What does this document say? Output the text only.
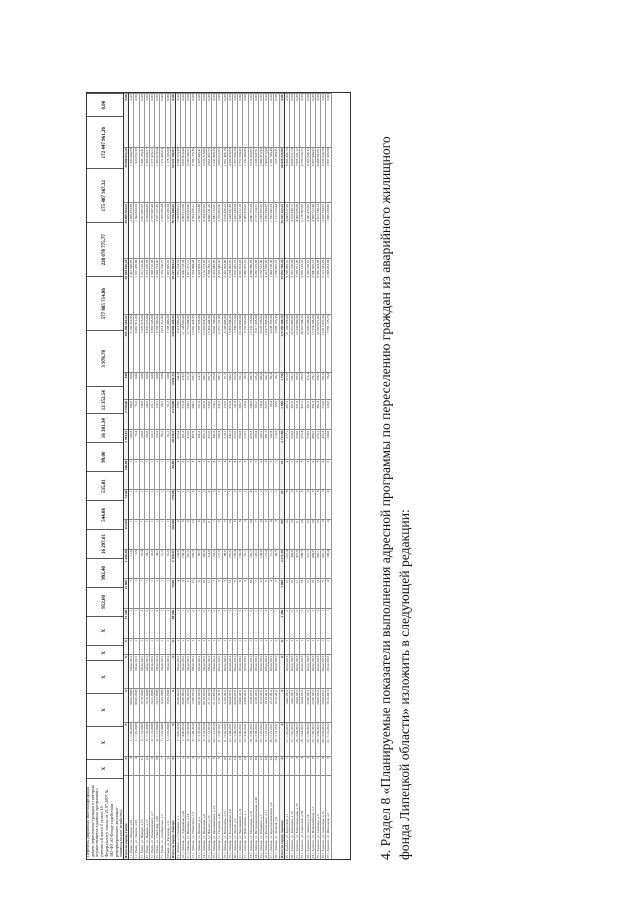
Перечень аварийных многоквартирных домов, переселение граждан из которых осуществляется в рамках программы с учетом п.8 части 2 статьи 16 Федерального закона от 21.07.2007 № 185-ФЗ «О Фонде содействия реформированию жилищно-коммунального хозяйства»
X
X
X
X
X
X
952,00
992,40
16 297,01
544,08
535,81
99,00
16 381,34
12 352,54
3 978,78
577 885 714,86
228 078 775,77
175 487 367,32
172 447 961,26
0,00
Итого по городу Грязи:
X
X
X
X
X
13 260
12 008
1 296,40
112,00
11,00
106,00
2 794,81
2 350,60
188
165 384 281,62
65 018 946,26
59 999 764,54
39 998 954,20
0,00
1 г. Грязи, ул. Ленина, д.63
4
2 / 1 06,2008
08.08.2008
III кв 2011
1
1
1
11,0
1
1
1
106,8
106,8
0,00
6 183 316,00
2 491 946,62
2 308 284,80
1 383 084,58
0,00
2 г. Грязи, ул. Ленина, д.65
4
2 / 1 06,2008
08.08.2008
III кв 2011
1
1
1
3,8
1
1
1
70,4
70,4
0,00
4 062 912,00
1 637 439,00
1 504 820,64
920 652,36
0,00
3 г. Грязи, ул. Правды, д.10
11
3 / 1 10,2008
19.10.2008
III кв 2011
1
2
1
37,4
1
1
1
139,8
139,8
0,00
7 970 318,00
3 212 159,82
2 951 967,97
1 806 190,21
0,00
4 г. Грязи, ул. Правды, д.12
12
3 / 1 10,2008
19.10.2008
III кв 2011
1
2
1
44,1
1
1
1
146,6
146,6
0,00
8 370 216,00
3 373 328,58
3 100 083,85
1 896 803,57
0,00
5 г. Грязи, ул. Дзержинского, д.7
8
4 / 1 12,2008
24.12.2008
III кв 2011
1
1
1
23,6
1
1
1
122,1
122,1
0,00
6 960 528,00
2 805 192,38
2 577 907,40
1 577 428,22
0,00
6 г. Грязи, ул. Советская, д.45
10
4 / 1 12,2008
24.12.2008
III кв 2011
1
2
1
34,2
1
1
1
154,3
154,3
0,00
8 794 560,00
3 544 314,05
3 257 227,45
1 993 018,50
0,00
7 г. Грязи, ул. Октябрьская, д.5
7
5 / 2 03,2009
15.03.2009
III кв 2011
1
1
1
21,3
1
1
1
98,5
98,5
0,00
5 614 512,00
2 262 706,72
2 079 399,64
1 272 405,64
0,00
8 Грязи, ул. Гагарина, д.11
6
5 / 2 03,2009
15.03.2009
III кв 2011
1
1
1
16,8
1
1
1
91,2
91,2
0,00
5 198 400,00
2 095 009,92
1 925 286,24
1 178 103,84
0,00
Итого по городу Липецк:
X
X
X
X
X
88 660
76,00
2 168,21
261,00
176,00
85,00
10 216,7
6 174,98
4 041,72
239 906 326,54
95 227 063,12
79 156 480,45
65 522 782,97
0,00
9 г. Липецк, ул. Сурикова, д.1
1
7 / 4 06,2010
30.06.2010
III кв 2011
1
1
4
103,6
4
1
4
323,4
178,6
144,8
9 214 080,00
3 661 224,31
3 044 620,21
2 508 235,48
0,00
10 г. Липецк, ул. Ударников, д.20
2
7 / 4 06,2010
30.06.2010
III кв 2011
1
1
8
156,4
8
2
6
391,3
212,4
178,9
11 148 960,00
4 430 133,54
3 683 812,06
3 035 014,40
0,00
11 г. Липецк, ул. Шкатова, д.14
3
8 / 1 08,2010
17.08.2010
III кв 2011
1
2
9
181,2
9
3
6
412,6
240,1
172,5
11 755 804,00
4 671 257,12
3 884 303,66
3 200 243,22
0,00
12 г. Липецк, ул. Ушинского, д.5
4
8 / 1 08,2010
17.08.2010
III кв 2011
1
2
12
220,5
12
4
8
487,9
284,2
203,7
13 901 424,00
5 524 008,43
4 593 256,21
3 784 159,36
0,00
13 г. Липецк, ул. Папина, д.2
5
9 / 3 10,2010
08.10.2010
III кв 2011
1
1
6
98,7
6
2
4
266,3
151,8
114,5
7 587 528,00
3 014 950,73
2 507 133,80
2 065 443,47
0,00
14 г. Липецк, ул. Неделина, д.9
6
9 / 3 10,2010
08.10.2010
III кв 2011
1
2
10
205,8
10
3
7
455,1
262,0
193,1
12 966 624,00
5 152 573,07
4 284 332,93
3 529 718,00
0,00
15 г. Липецк, ул. Фрунзе, д.27
7
10 / 1 12,2010
21.12.2010
III кв 2011
1
2
11
214,0
11
4
7
472,6
270,9
201,7
13 465 344,00
5 350 745,21
4 449 141,26
3 665 457,53
0,00
16 г. Липецк, ул. Циолковского, д.13
8
10 / 1 12,2010
21.12.2010
III кв 2011
1
1
7
132,2
7
3
4
301,9
176,1
125,8
8 602 136,00
3 418 085,05
2 842 152,67
2 341 898,28
0,00
17 г. Липецк, ул. Гагарина, д.42
9
11 / 2 02,2011
11.02.2011
III кв 2012
1
2
9
177,3
9
2
7
398,4
229,3
169,1
11 351 232,00
4 510 548,42
3 750 663,96
3 090 019,62
0,00
18 г. Липецк, ул. Плеханова, д.31
10
11 / 2 02,2011
11.02.2011
III кв 2012
1
1
5
88,6
5
1
4
214,2
122,9
91,3
6 103 008,00
2 425 063,60
2 016 459,22
1 661 485,18
0,00
19 г. Липецк, ул. Космонавтов, д.6
11
12 / 1 04,2011
06.04.2011
III кв 2012
1
2
13
251,9
13
5
8
542,7
312,0
230,7
15 463 264,00
6 144 485,62
5 109 301,45
4 209 476,93
0,00
20 г. Липецк, ул. Зегеля, д.3
12
12 / 1 04,2011
06.04.2011
III кв 2012
1
1
6
107,4
6
2
4
257,6
147,3
110,3
7 339 712,00
2 916 482,16
2 425 243,64
1 997 986,20
0,00
21 г. Липецк, ул. Терешковой, д.22
13
13 / 3 06,2011
24.06.2011
III кв 2012
1
2
8
158,3
8
3
5
354,8
203,7
151,1
10 109 056,00
4 016 913,45
3 340 212,10
2 751 930,45
0,00
22 г. Липецк, ул. Юбилейная, д.1
14
13 / 3 06,2011
24.06.2011
III кв 2012
1
1
5
91,1
5
1
4
219,5
126,0
93,5
6 253 920,00
2 485 072,10
2 066 478,02
1 702 369,88
0,00
23 г. Липецк, ул. Мичурина, д.18
15
14 / 2 08,2011
12.08.2011
III кв 2012
1
2
10
192,7
10
4
6
429,3
246,8
182,5
12 232 176,00
4 860 586,39
4 041 725,64
3 329 863,97
0,00
24 г. Липецк, ул. Интернациональная, д.40
16
14 / 2 08,2011
12.08.2011
III кв 2012
1
1
7
126,1
7
2
5
288,4
165,2
123,2
8 217 328,00
3 265 225,98
2 715 154,51
2 236 947,51
0,00
25 г. Липецк, ул. Пушкина, д.7
17
15 / 1 10,2011
19.10.2011
III кв 2012
1
1
6
104,9
6
2
4
243,2
139,4
103,8
6 929 536,00
2 753 523,80
2 289 595,37
1 886 416,83
0,00
26 г. Липецк, ул. Балмочных, д.11
18
15 / 1 10,2011
19.10.2011
III кв 2012
1
2
9
172,4
9
3
6
381,7
219,5
162,2
10 875 808,00
4 321 596,05
3 593 598,87
2 960 613,08
0,00
27 г. Липецк, ул. Краснознаменная, д.4
19
16 / 2 12,2011
15.12.2011
III кв 2012
1
1
4
71,5
4
1
3
162,8
93,4
69,4
4 638 592,00
1 843 166,36
1 532 645,24
1 262 780,40
0,00
28 г. Липецк, ул. Зеленая, д.9
20
16 / 2 12,2011
15.12.2011
III кв 2012
1
1
3
46,9
3
1
2
119,3
68,6
50,7
3 399 176,00
1 350 662,25
1 123 123,44
925 390,31
0,00
Итого по городу Задонск:
X
X
X
X
X
2 480
1 908
4 271,30
98
63
35
4 717,80
2 960
1 758
172 595 106,70
67 832 766,39
36 331 122,33
66 926 224,09
0,00
29 г. Задонск, ул. Крупской, д.1
1
17 / 1 02,2012
14.02.2012
III кв 2013
1
2
12
521,4
12
8
4
577,1
361,2
215,9
21 106 528,00
8 295 065,51
4 443 017,36
8 368 445,13
0,00
30 г. Задонск, ул. Калинина, д.12
2
17 / 1 02,2012
14.02.2012
III кв 2013
1
2
13
564,8
13
8
5
624,8
391,6
233,2
22 852 096,00
8 981 106,64
4 810 438,12
9 060 551,24
0,00
31 г. Задонск, ул. Комсомольская, д.25
3
18 / 2 04,2012
10.04.2012
III кв 2013
1
2
11
477,9
11
7
4
528,6
331,0
197,6
19 333 080,00
7 597 911,90
4 069 626,98
7 665 541,12
0,00
32 г. Задонск, ул. Советская, д.34
4
18 / 2 04,2012
10.04.2012
III кв 2013
1
2
14
608,2
14
9
5
672,4
421,5
250,9
24 592 584,00
9 665 143,16
5 176 887,62
9 750 553,22
0,00
33 г. Задонск, ул. Ленина, д.18
5
19 / 1 06,2012
22.06.2012
III кв 2013
1
2
12
521,7
12
8
4
576,9
361,5
215,4
21 099 208,00
8 292 188,72
4 441 475,93
8 365 543,35
0,00
34 г. Задонск, ул. Первомайская, д.7
6
19 / 1 06,2012
22.06.2012
III кв 2013
1
1
10
434,6
10
6
4
480,5
301,4
179,1
17 574 288,00
6 906 935,18
3 699 512,40
6 967 840,42
0,00
35 г. Задонск, ул. Свободы, д.3
7
20 / 3 08,2012
28.08.2012
III кв 2013
1
2
13
565,1
13
8
5
625,1
391,4
233,7
22 863 072,00
8 985 420,05
4 812 748,14
9 064 903,81
0,00
36 г. Задонск, ул. Заводская, д.15
8
20 / 3 08,2012
28.08.2012
III кв 2013
1
1
9
391,2
9
5
4
432,4
270,8
161,6
15 815 072,00
6 215 541,29
3 329 184,92
6 270 345,79
0,00
37 г. Задонск, ул. Школьная, д.2
9
21 / 1 10,2012
16.10.2012
III кв 2013
1
1
4
186,4
4
4
0
200,0
129,6
70,4
7 359 178,70
2 893 453,94
1 608 230,86
2 857 493,90
0,00
4. Раздел 8 «Планируемые показатели выполнения адресной программы по переселению граждан из аварийного жилищного фонда Липецкой области» изложить в следующей редакции:
